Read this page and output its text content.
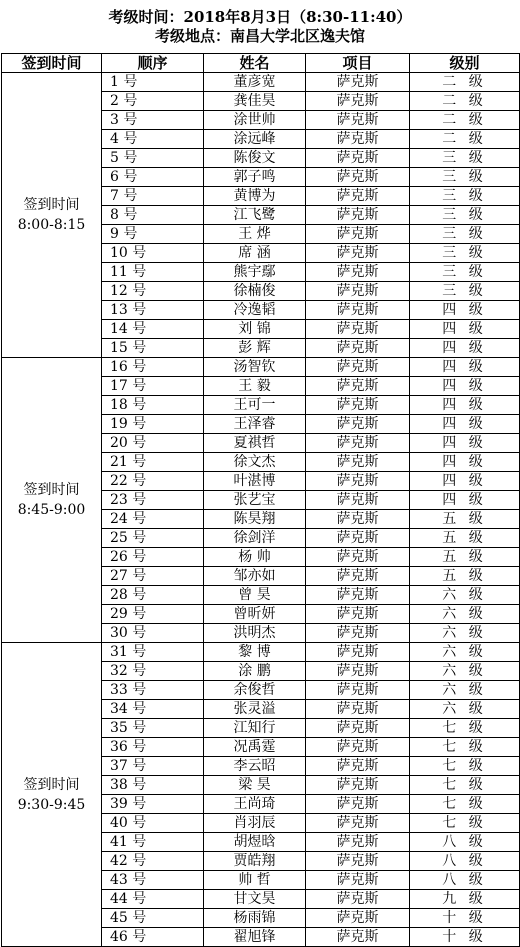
考级时间：2018年8月3日（8:30-11:40）
考级地点：南昌大学北区逸夫馆
签到时间	顺序	姓名	项目	级别

签到时间
8:00-8:15	1 号	董彦宽	萨克斯	二 级
	2 号	龚佳昊	萨克斯	二 级
	3 号	涂世帅	萨克斯	二 级
	4 号	涂远峰	萨克斯	二 级
	5 号	陈俊文	萨克斯	三 级
	6 号	郭子鸣	萨克斯	三 级
	7 号	黄博为	萨克斯	三 级
	8 号	江飞鹭	萨克斯	三 级
	9 号	王 烨	萨克斯	三 级
	10 号	席 涵	萨克斯	三 级
	11 号	熊宇鄢	萨克斯	三 级
	12 号	徐楠俊	萨克斯	三 级
	13 号	冷逸韬	萨克斯	四 级
	14 号	刘 锦	萨克斯	四 级
	15 号	彭 辉	萨克斯	四 级

签到时间
8:45-9:00	16 号	汤智钦	萨克斯	四 级
	17 号	王 毅	萨克斯	四 级
	18 号	王可一	萨克斯	四 级
	19 号	王泽睿	萨克斯	四 级
	20 号	夏祺哲	萨克斯	四 级
	21 号	徐文杰	萨克斯	四 级
	22 号	叶湛博	萨克斯	四 级
	23 号	张艺宝	萨克斯	四 级
	24 号	陈昊翔	萨克斯	五 级
	25 号	徐剑洋	萨克斯	五 级
	26 号	杨 帅	萨克斯	五 级
	27 号	邹亦如	萨克斯	五 级
	28 号	曾 昊	萨克斯	六 级
	29 号	曾昕妍	萨克斯	六 级
	30 号	洪明杰	萨克斯	六 级

签到时间
9:30-9:45	31 号	黎 博	萨克斯	六 级
	32 号	涂 鹏	萨克斯	六 级
	33 号	余俊哲	萨克斯	六 级
	34 号	张灵溢	萨克斯	六 级
	35 号	江知行	萨克斯	七 级
	36 号	况禹霆	萨克斯	七 级
	37 号	李云昭	萨克斯	七 级
	38 号	梁 昊	萨克斯	七 级
	39 号	王尚琦	萨克斯	七 级
	40 号	肖羽辰	萨克斯	七 级
	41 号	胡煜晗	萨克斯	八 级
	42 号	贾皓翔	萨克斯	八 级
	43 号	帅 哲	萨克斯	八 级
	44 号	甘文昊	萨克斯	九 级
	45 号	杨雨锦	萨克斯	十 级
	46 号	翟旭锋	萨克斯	十 级
